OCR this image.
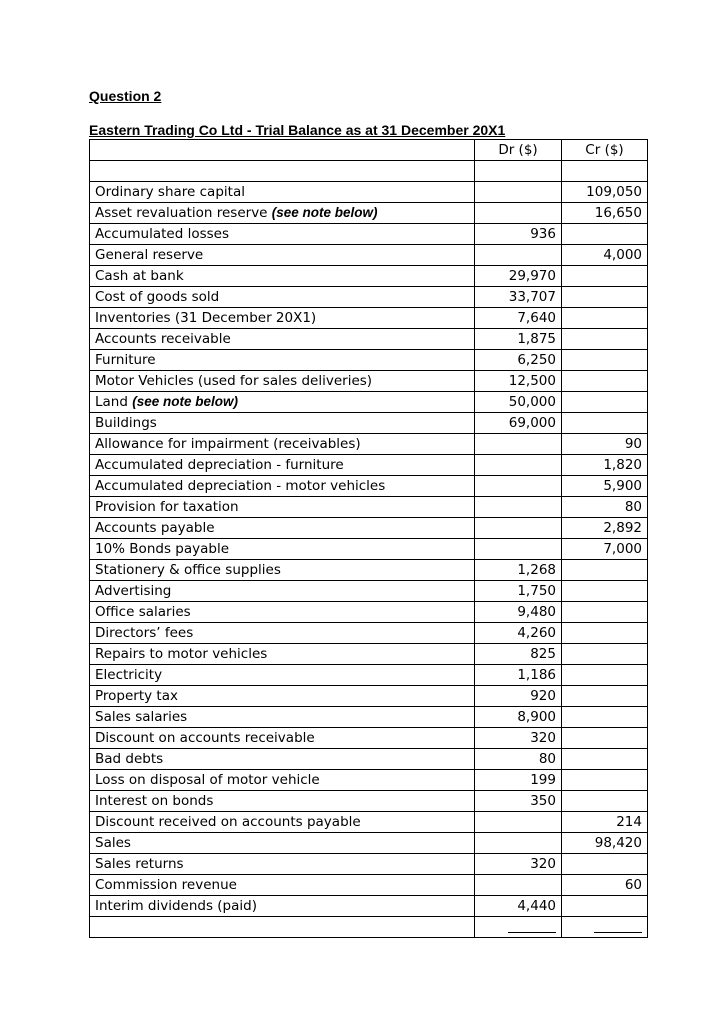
Question 2
Eastern Trading Co Ltd - Trial Balance as at 31 December 20X1
	Dr ($)	Cr ($)

Ordinary share capital		109,050
Asset revaluation reserve (see note below)		16,650
Accumulated losses	936	
General reserve		4,000
Cash at bank	29,970	
Cost of goods sold	33,707	
Inventories (31 December 20X1)	7,640	
Accounts receivable	1,875	
Furniture	6,250	
Motor Vehicles (used for sales deliveries)	12,500	
Land (see note below)	50,000	
Buildings	69,000	
Allowance for impairment (receivables)		90
Accumulated depreciation - furniture		1,820
Accumulated depreciation - motor vehicles		5,900
Provision for taxation		80
Accounts payable		2,892
10% Bonds payable		7,000
Stationery & office supplies	1,268	
Advertising	1,750	
Office salaries	9,480	
Directors’ fees	4,260	
Repairs to motor vehicles	825	
Electricity	1,186	
Property tax	920	
Sales salaries	8,900	
Discount on accounts receivable	320	
Bad debts	80	
Loss on disposal of motor vehicle	199	
Interest on bonds	350	
Discount received on accounts payable		214
Sales		98,420
Sales returns	320	
Commission revenue		60
Interim dividends (paid)	4,440	
